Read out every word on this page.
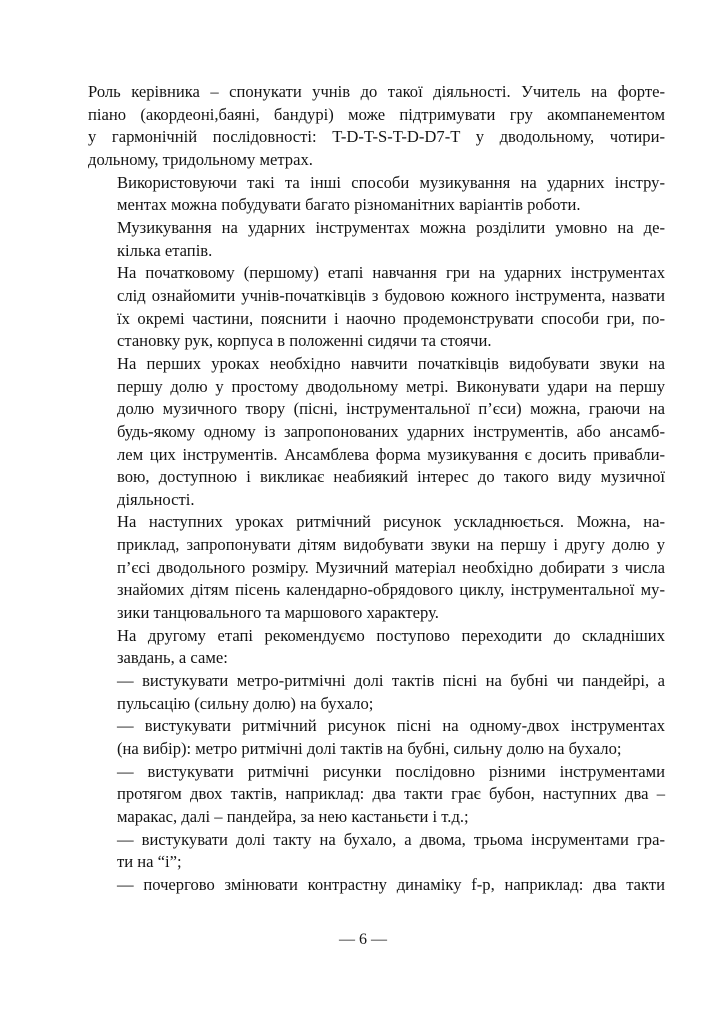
Роль керівника – спонукати учнів до такої діяльності. Учитель на форте-
піано (акордеоні,баяні, бандурі) може підтримувати гру акомпанементом
у гармонічній послідовності: T-D-T-S-T-D-D7-T у дводольному, чотири-
дольному, тридольному метрах.

Використовуючи такі та інші способи музикування на ударних інстру-
ментах можна побудувати багато різноманітних варіантів роботи.

Музикування на ударних інструментах можна розділити умовно на де-
кілька етапів.

На початковому (першому) етапі навчання гри на ударних інструментах
слід ознайомити учнів-початківців з будовою кожного інструмента, назвати
їх окремі частини, пояснити і наочно продемонструвати способи гри, по-
становку рук, корпуса в положенні сидячи та стоячи.

На перших уроках необхідно навчити початківців видобувати звуки на
першу долю у простому дводольному метрі. Виконувати удари на першу
долю музичного твору (пісні, інструментальної п’єси) можна, граючи на
будь-якому одному із запропонованих ударних інструментів, або ансамб-
лем цих інструментів. Ансамблева форма музикування є досить привабли-
вою, доступною і викликає неабиякий інтерес до такого виду музичної
діяльності.

На наступних уроках ритмічний рисунок ускладнюється. Можна, на-
приклад, запропонувати дітям видобувати звуки на першу і другу долю у
п’єсі дводольного розміру. Музичний матеріал необхідно добирати з числа
знайомих дітям пісень календарно-обрядового циклу, інструментальної му-
зики танцювального та маршового характеру.

На другому етапі рекомендуємо поступово переходити до складніших
завдань, а саме:

— вистукувати метро-ритмічні долі тактів пісні на бубні чи пандейрі, а
пульсацію (сильну долю) на бухало;

— вистукувати ритмічний рисунок пісні на одному-двох інструментах
(на вибір): метро ритмічні долі тактів на бубні, сильну долю на бухало;

— вистукувати ритмічні рисунки послідовно різними інструментами
протягом двох тактів, наприклад: два такти грає бубон, наступних два –
маракас, далі – пандейра, за нею кастаньєти і т.д.;

— вистукувати долі такту на бухало, а двома, трьома інсрументами гра-
ти на “і”;

— почергово змінювати контрастну динаміку f-p, наприклад: два такти

— 6 —
